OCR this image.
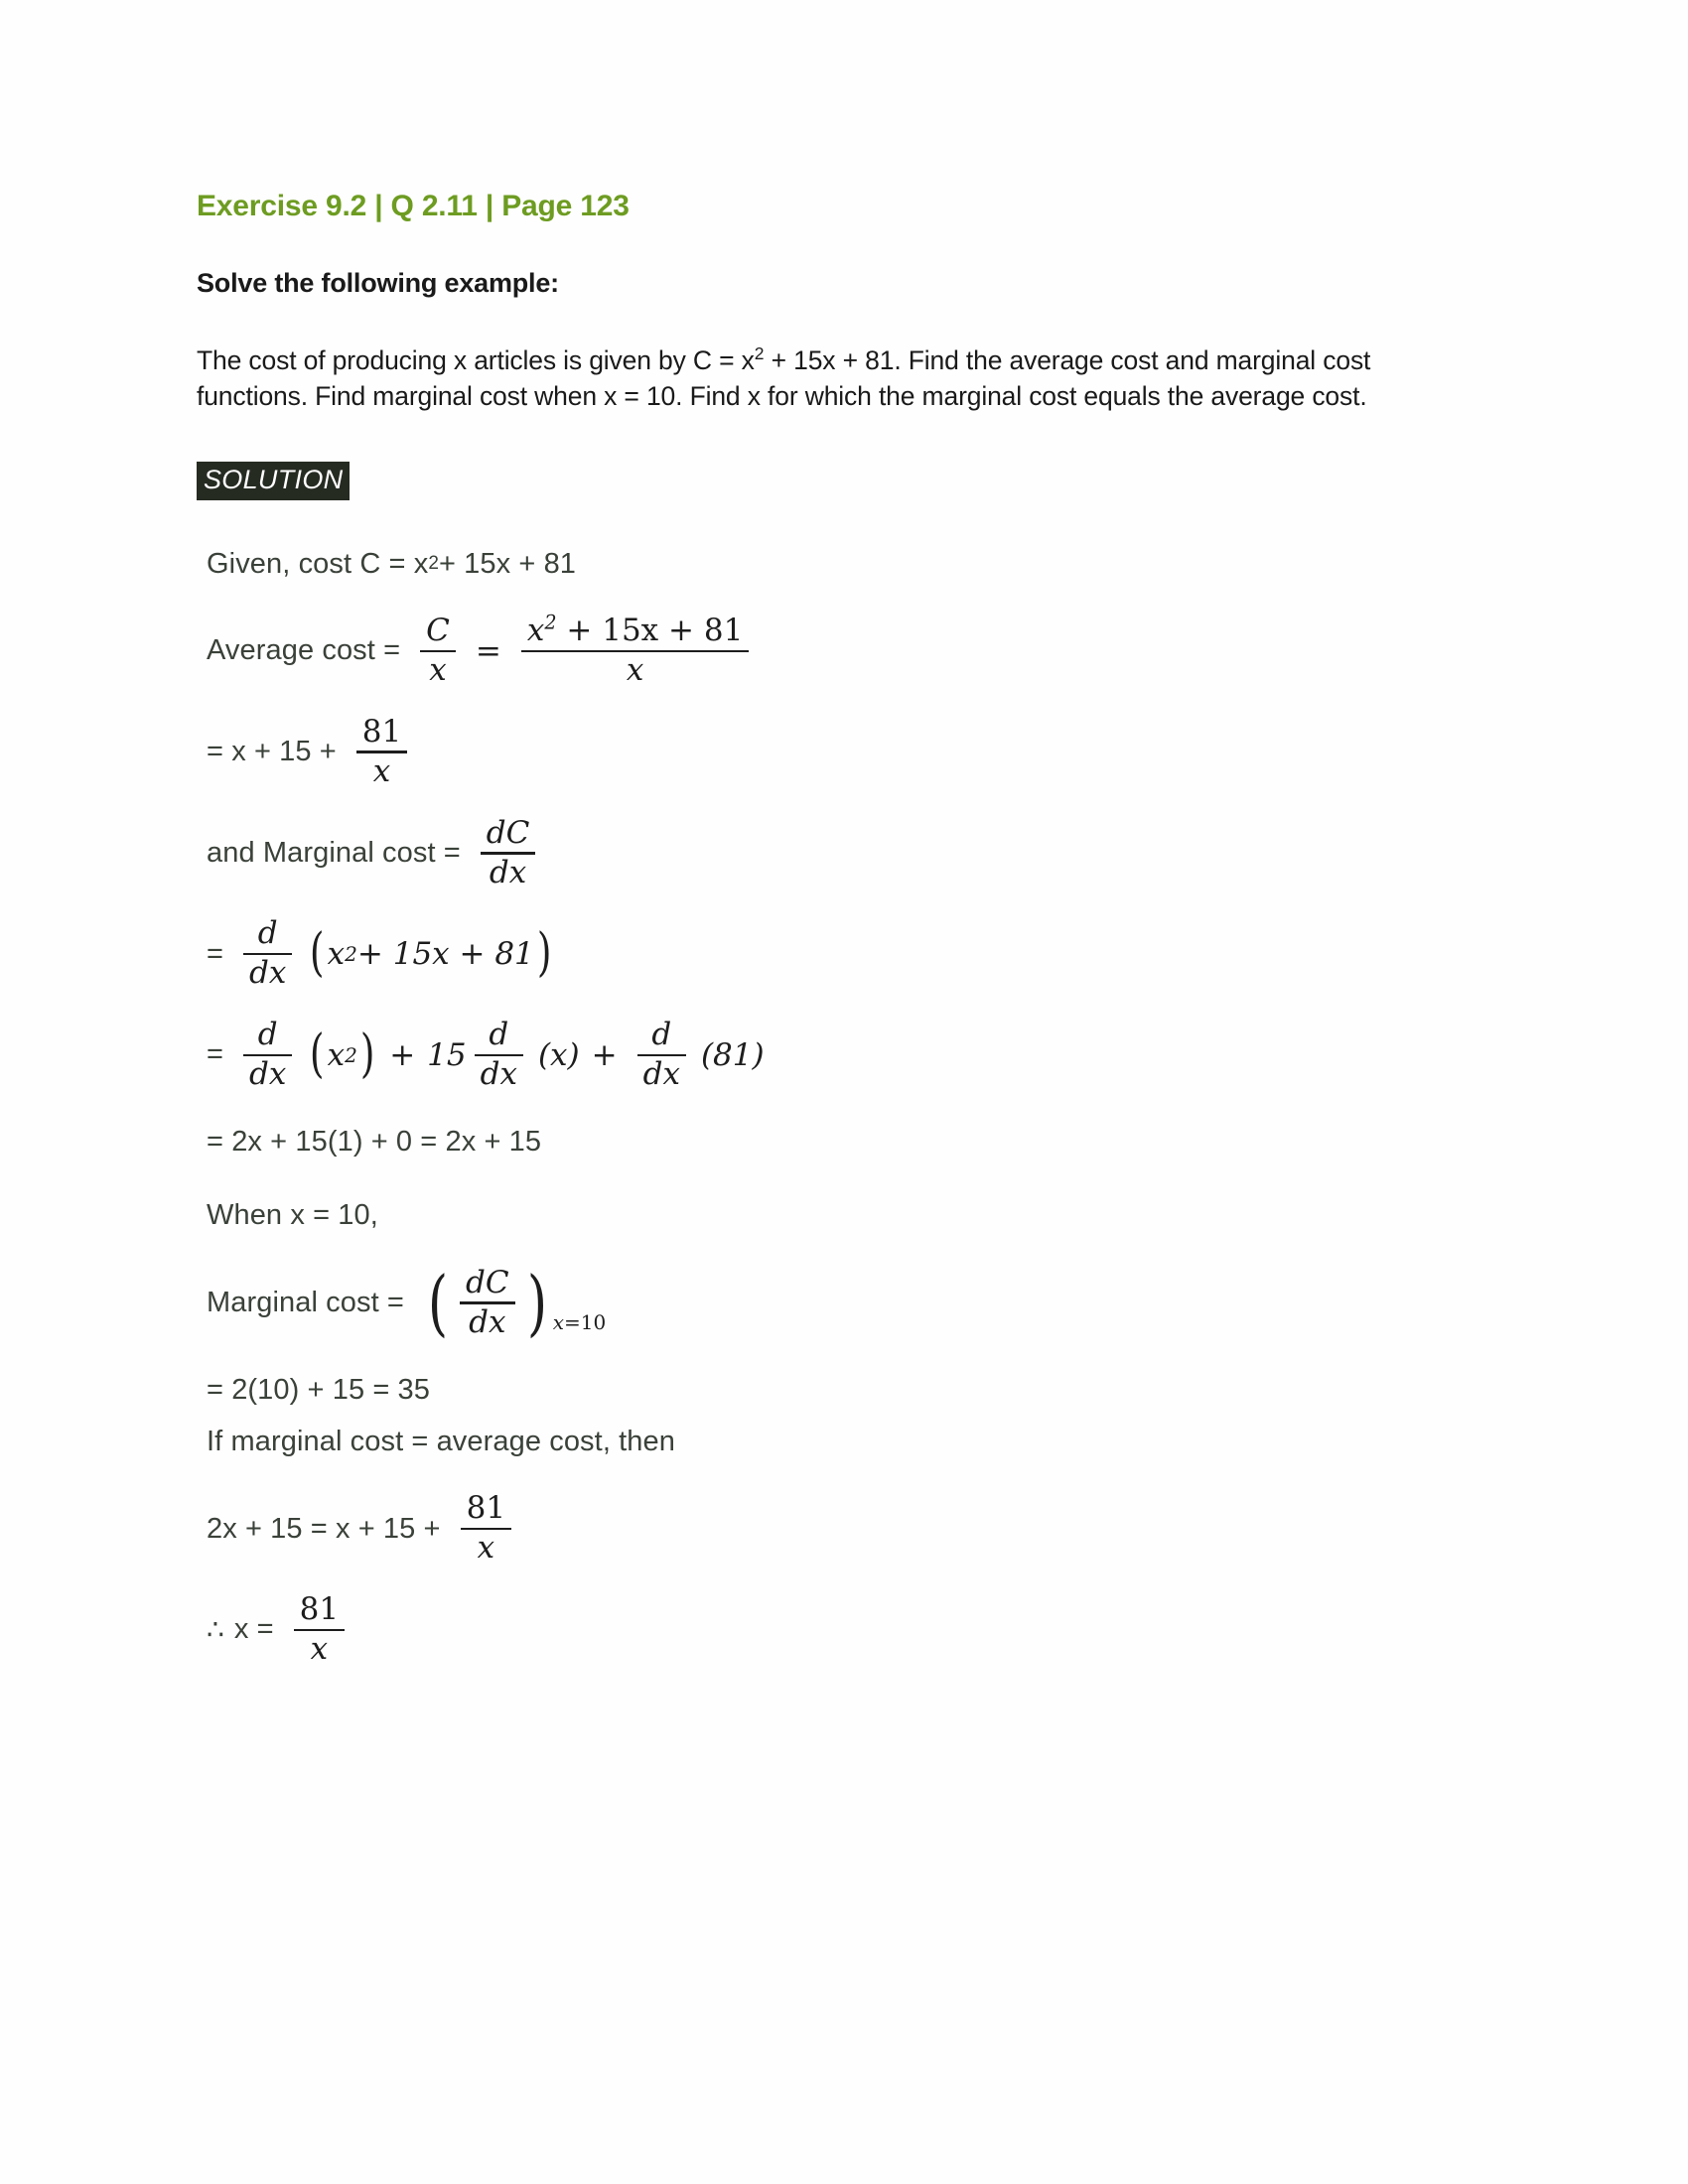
Exercise 9.2 | Q 2.11 | Page 123
Solve the following example:
The cost of producing x articles is given by $C = x^2 + 15x + 81$. Find the average cost and marginal cost functions. Find marginal cost when x = 10. Find x for which the marginal cost equals the average cost.
SOLUTION
Given, cost C = x 2 + 15x + 81
Average $\cos t = \frac{C}{x} = \frac{x^2 + 15x + 81}{x}$
= $x + 15 + \frac{81}{x}$
and Marginal $\cos t = \frac{dC}{dx}$
= $\frac{d}{dx}$ ( x 2 + 15x + 81 )
= $\frac{d}{dx}$ ( x 2 ) + $15 \frac{d}{dx} (x) + \frac{d}{dx} (81)$
= 2x + 15(1) + 0 = 2x + 15
When x = 10,
Marginal cost = ( $\frac{dC}{dx}$ ) x=10
= 2(10) + 15 = 35
If marginal cost = average cost, then
$2x + 15 = x + 15 + \frac{81}{x}$
∴ $x = \frac{81}{x}$
